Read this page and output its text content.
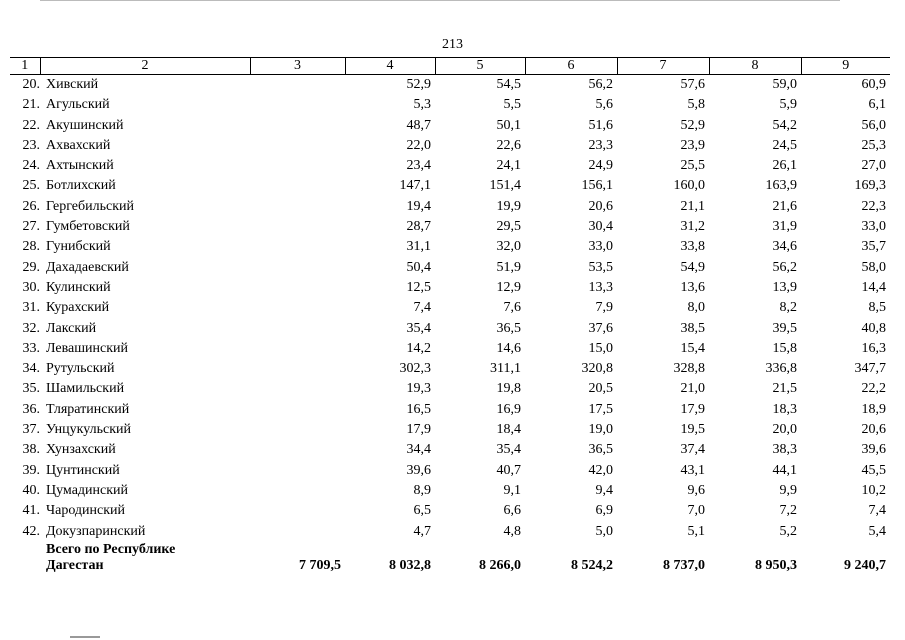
213
1	2	3	4	5	6	7	8	9
20.	Хивский		52,9	54,5	56,2	57,6	59,0	60,9
21.	Агульский		5,3	5,5	5,6	5,8	5,9	6,1
22.	Акушинский		48,7	50,1	51,6	52,9	54,2	56,0
23.	Ахвахский		22,0	22,6	23,3	23,9	24,5	25,3
24.	Ахтынский		23,4	24,1	24,9	25,5	26,1	27,0
25.	Ботлихский		147,1	151,4	156,1	160,0	163,9	169,3
26.	Гергебильский		19,4	19,9	20,6	21,1	21,6	22,3
27.	Гумбетовский		28,7	29,5	30,4	31,2	31,9	33,0
28.	Гунибский		31,1	32,0	33,0	33,8	34,6	35,7
29.	Дахадаевский		50,4	51,9	53,5	54,9	56,2	58,0
30.	Кулинский		12,5	12,9	13,3	13,6	13,9	14,4
31.	Курахский		7,4	7,6	7,9	8,0	8,2	8,5
32.	Лакский		35,4	36,5	37,6	38,5	39,5	40,8
33.	Левашинский		14,2	14,6	15,0	15,4	15,8	16,3
34.	Рутульский		302,3	311,1	320,8	328,8	336,8	347,7
35.	Шамильский		19,3	19,8	20,5	21,0	21,5	22,2
36.	Тляратинский		16,5	16,9	17,5	17,9	18,3	18,9
37.	Унцукульский		17,9	18,4	19,0	19,5	20,0	20,6
38.	Хунзахский		34,4	35,4	36,5	37,4	38,3	39,6
39.	Цунтинский		39,6	40,7	42,0	43,1	44,1	45,5
40.	Цумадинский		8,9	9,1	9,4	9,6	9,9	10,2
41.	Чародинский		6,5	6,6	6,9	7,0	7,2	7,4
42.	Докузпаринский		4,7	4,8	5,0	5,1	5,2	5,4
	Всего по Республике							
	Дагестан	7 709,5	8 032,8	8 266,0	8 524,2	8 737,0	8 950,3	9 240,7
